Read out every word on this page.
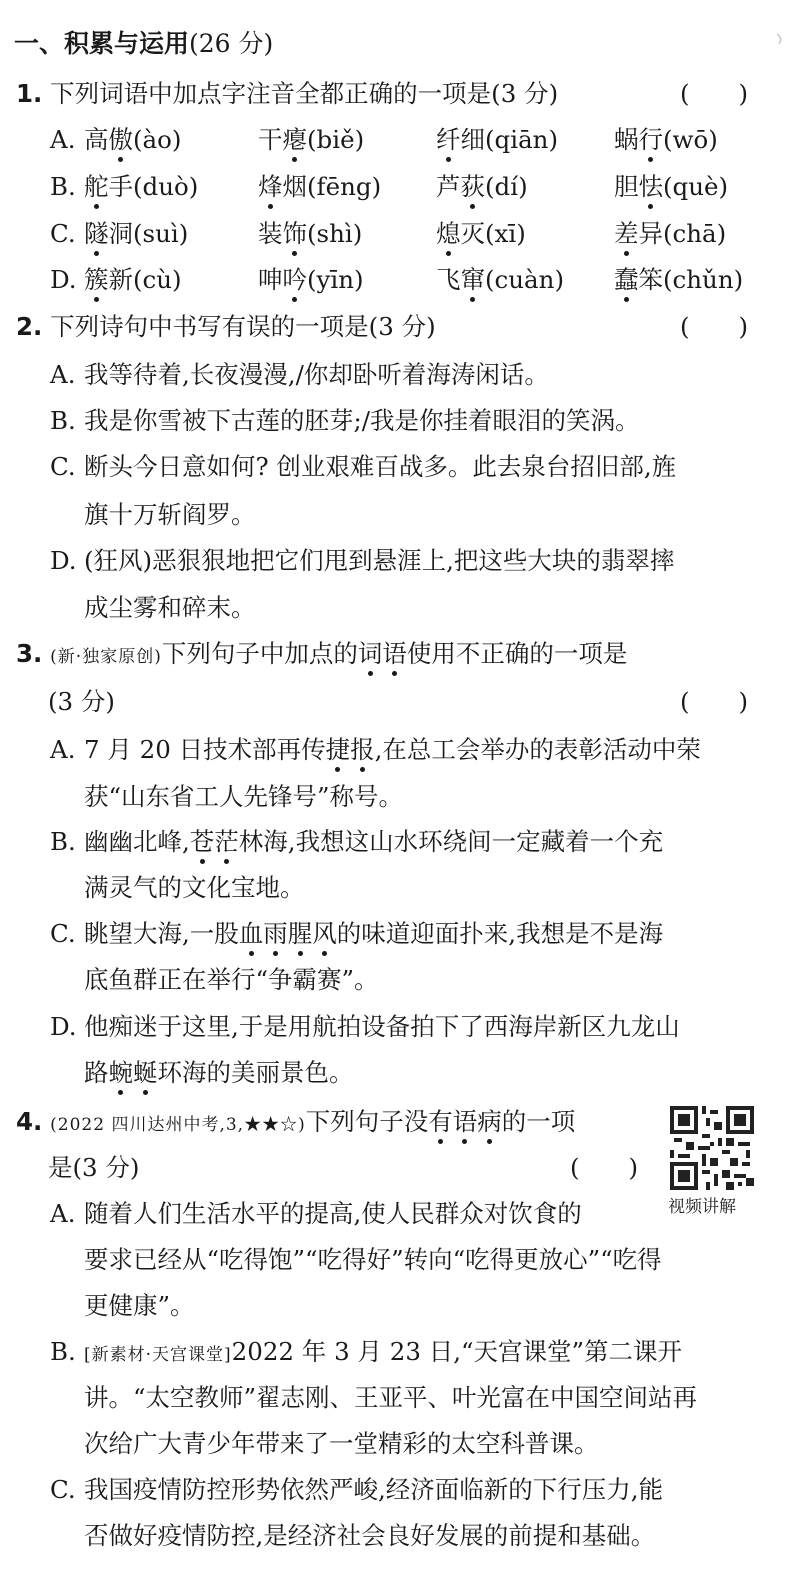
一、积累与运用(26 分)
1. 下列词语中加点字注音全都正确的一项是(3 分)	(　　)
A. 高傲(ào)	干瘪(biě)	纤细(qiān) 蜗行(wō)
B. 舵手(duò) 烽烟(fēng) 芦荻(dí)	胆怯(què)
C. 隧洞(suì)	装饰(shì)	熄灭(xī)	差异(chā)
D. 簇新(cù)	呻吟(yīn)	飞窜(cuàn) 蠢笨(chǔn)
2. 下列诗句中书写有误的一项是(3 分)	(　　)
A. 我等待着,长夜漫漫,∕你却卧听着海涛闲话。
B. 我是你雪被下古莲的胚芽;∕我是你挂着眼泪的笑涡。
C. 断头今日意如何? 创业艰难百战多。此去泉台招旧部,旌
旗十万斩阎罗。
D. (狂风)恶狠狠地把它们甩到悬涯上,把这些大块的翡翠摔
成尘雾和碎末。
3. (新·独家原创)下列句子中加点的词语使用不正确的一项是
(3 分)	(　　)
A. 7 月 20 日技术部再传捷报,在总工会举办的表彰活动中荣
获“山东省工人先锋号”称号。
B. 幽幽北峰,苍茫林海,我想这山水环绕间一定藏着一个充
满灵气的文化宝地。
C. 眺望大海,一股血雨腥风的味道迎面扑来,我想是不是海
底鱼群正在举行“争霸赛”。
D. 他痴迷于这里,于是用航拍设备拍下了西海岸新区九龙山
路蜿蜒环海的美丽景色。
4. (2022 四川达州中考,3,★★☆)下列句子没有语病的一项
是(3 分)	(　　)
视频讲解
A. 随着人们生活水平的提高,使人民群众对饮食的
要求已经从“吃得饱”“吃得好”转向“吃得更放心”“吃得
更健康”。
B. [新素材·天宫课堂]2022 年 3 月 23 日,“天宫课堂”第二课开
讲。“太空教师”翟志刚、王亚平、叶光富在中国空间站再
次给广大青少年带来了一堂精彩的太空科普课。
C. 我国疫情防控形势依然严峻,经济面临新的下行压力,能
否做好疫情防控,是经济社会良好发展的前提和基础。
